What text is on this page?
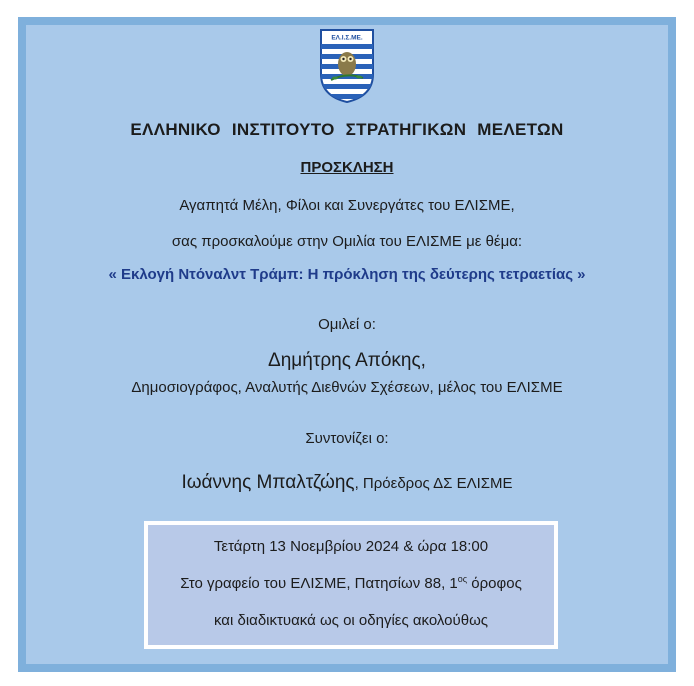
ΕΛ.Ι.Σ.ΜΕ.
ΕΛΛΗΝΙΚΟ ΙΝΣΤΙΤΟΥΤΟ ΣΤΡΑΤΗΓΙΚΩΝ ΜΕΛΕΤΩΝ
ΠΡΟΣΚΛΗΣΗ
Αγαπητά Μέλη, Φίλοι και Συνεργάτες του ΕΛΙΣΜΕ,
σας προσκαλούμε στην Ομιλία του ΕΛΙΣΜΕ με θέμα:
« Εκλογή Ντόναλντ Τράμπ: Η πρόκληση της δεύτερης τετραετίας »
Ομιλεί ο:
Δημήτρης Απόκης,
Δημοσιογράφος, Αναλυτής Διεθνών Σχέσεων, μέλος του ΕΛΙΣΜΕ
Συντονίζει ο:
Ιωάννης Μπαλτζώης, Πρόεδρος ΔΣ ΕΛΙΣΜΕ
Τετάρτη 13 Νοεμβρίου 2024 & ώρα 18:00
Στο γραφείο του ΕΛΙΣΜΕ, Πατησίων 88, $1^{o\varsigma}$ όροφος
και διαδικτυακά ως οι οδηγίες ακολούθως
